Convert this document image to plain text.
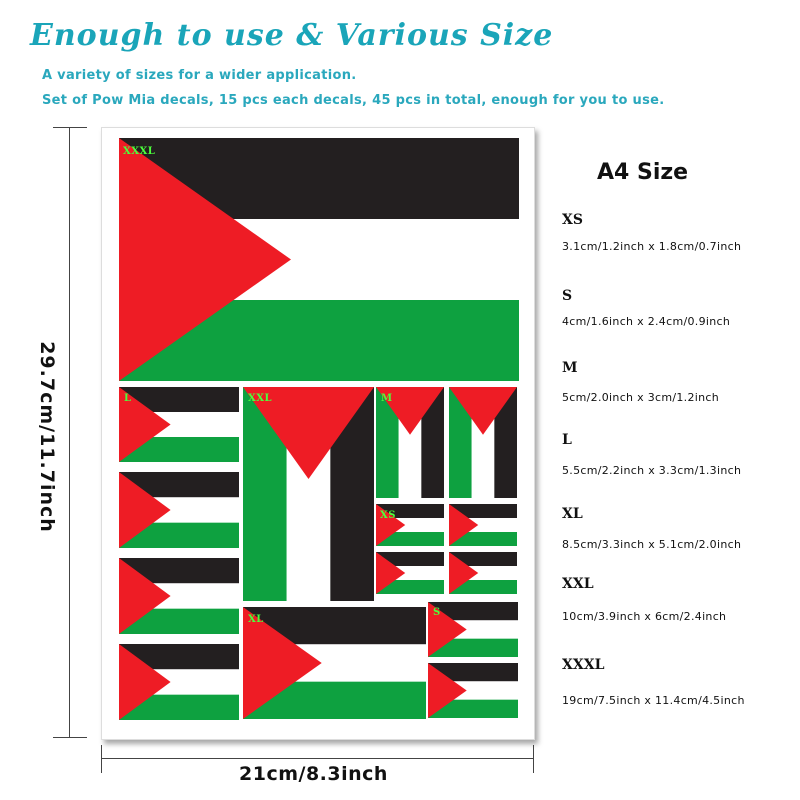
Enough to use & Various Size
A variety of sizes for a wider application.
Set of Pow Mia decals, 15 pcs each decals, 45 pcs in total, enough for you to use.
29.7cm/11.7inch
21cm/8.3inch
XXXL
L	XXL	M
XS
XL
S
A4 Size
XS
3.1cm/1.2inch x 1.8cm/0.7inch
S
4cm/1.6inch x 2.4cm/0.9inch
M
5cm/2.0inch x 3cm/1.2inch
L
5.5cm/2.2inch x 3.3cm/1.3inch
XL
8.5cm/3.3inch x 5.1cm/2.0inch
XXL
10cm/3.9inch x 6cm/2.4inch
XXXL
19cm/7.5inch x 11.4cm/4.5inch
